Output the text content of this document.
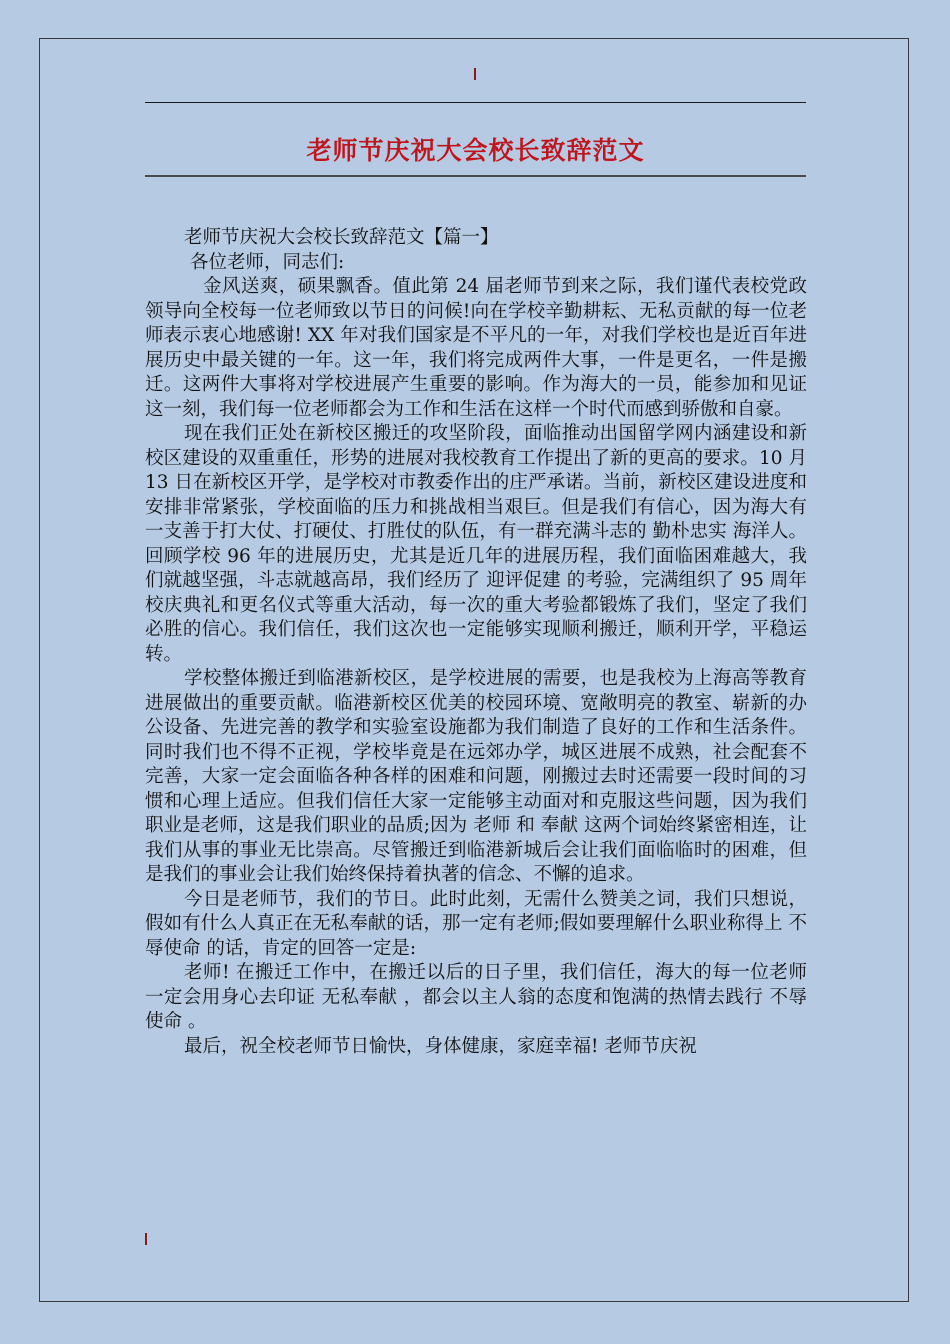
老师节庆祝大会校长致辞范文

老师节庆祝大会校长致辞范文【篇一】

各位老师，同志们:

金风送爽，硕果飘香。值此第 24 届老师节到来之际，我们谨代表校党政领导向全校每一位老师致以节日的问候!向在学校辛勤耕耘、无私贡献的每一位老师表示衷心地感谢! XX 年对我们国家是不平凡的一年，对我们学校也是近百年进展历史中最关键的一年。这一年，我们将完成两件大事，一件是更名，一件是搬迁。这两件大事将对学校进展产生重要的影响。作为海大的一员，能参加和见证这一刻，我们每一位老师都会为工作和生活在这样一个时代而感到骄傲和自豪。

现在我们正处在新校区搬迁的攻坚阶段，面临推动出国留学网内涵建设和新校区建设的双重重任，形势的进展对我校教育工作提出了新的更高的要求。10 月 13 日在新校区开学，是学校对市教委作出的庄严承诺。当前，新校区建设进度和安排非常紧张，学校面临的压力和挑战相当艰巨。但是我们有信心，因为海大有一支善于打大仗、打硬仗、打胜仗的队伍，有一群充满斗志的 勤朴忠实 海洋人。回顾学校 96 年的进展历史，尤其是近几年的进展历程，我们面临困难越大，我们就越坚强，斗志就越高昂，我们经历了 迎评促建 的考验，完满组织了 95 周年校庆典礼和更名仪式等重大活动，每一次的重大考验都锻炼了我们，坚定了我们必胜的信心。我们信任，我们这次也一定能够实现顺利搬迁，顺利开学，平稳运转。

学校整体搬迁到临港新校区，是学校进展的需要，也是我校为上海高等教育进展做出的重要贡献。临港新校区优美的校园环境、宽敞明亮的教室、崭新的办公设备、先进完善的教学和实验室设施都为我们制造了良好的工作和生活条件。同时我们也不得不正视，学校毕竟是在远郊办学，城区进展不成熟，社会配套不完善，大家一定会面临各种各样的困难和问题，刚搬过去时还需要一段时间的习惯和心理上适应。但我们信任大家一定能够主动面对和克服这些问题，因为我们职业是老师，这是我们职业的品质;因为 老师 和 奉献 这两个词始终紧密相连，让我们从事的事业无比崇高。尽管搬迁到临港新城后会让我们面临临时的困难，但是我们的事业会让我们始终保持着执著的信念、不懈的追求。

今日是老师节，我们的节日。此时此刻，无需什么赞美之词，我们只想说，假如有什么人真正在无私奉献的话，那一定有老师;假如要理解什么职业称得上 不辱使命 的话，肯定的回答一定是:

老师! 在搬迁工作中，在搬迁以后的日子里，我们信任，海大的每一位老师一定会用身心去印证 无私奉献 ，都会以主人翁的态度和饱满的热情去践行 不辱使命 。

最后，祝全校老师节日愉快，身体健康，家庭幸福! 老师节庆祝
